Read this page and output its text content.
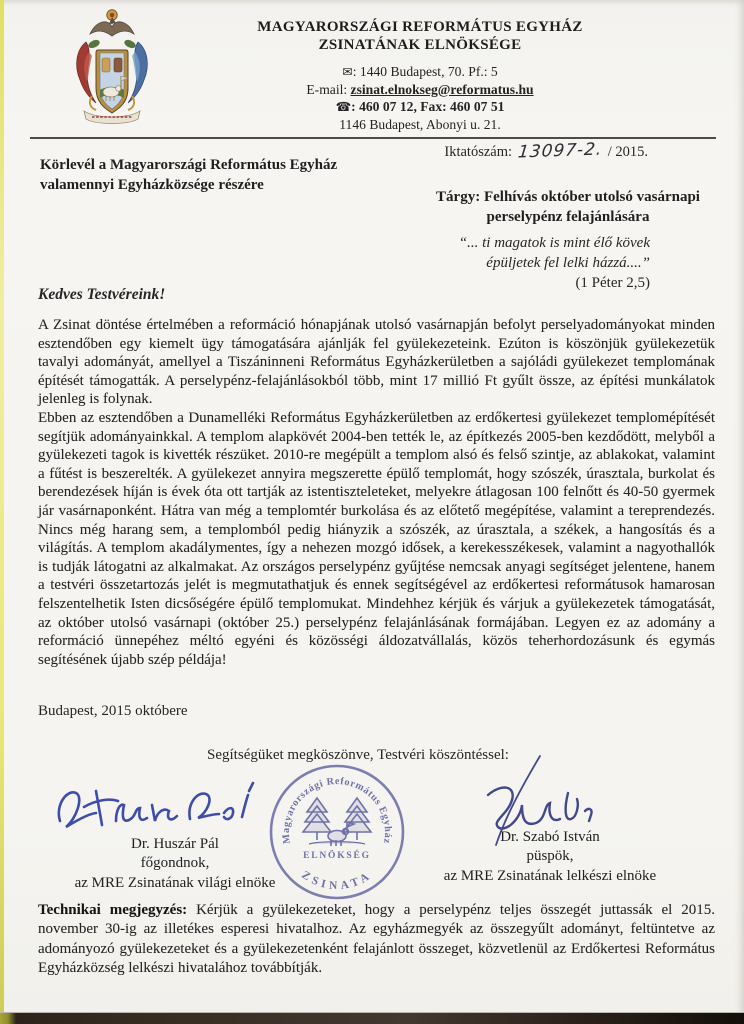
MAGYARORSZÁGI REFORMÁTUS EGYHÁZ
ZSINATÁNAK ELNÖKSÉGE
✉: 1440 Budapest, 70. Pf.: 5
E-mail: zsinat.elnokseg@reformatus.hu
☎: 460 07 12, Fax: 460 07 51
1146 Budapest, Abonyi u. 21.
Iktatószám: 13097-2. / 2015.
Körlevél a Magyarországi Református Egyház
valamennyi Egyházközsége részére
Tárgy: Felhívás október utolsó vasárnapi
perselypénz felajánlására
“... ti magatok is mint élő kövek
épüljetek fel lelki házzá....”
(1 Péter 2,5)
Kedves Testvéreink!

A Zsinat döntése értelmében a reformáció hónapjának utolsó vasárnapján befolyt perselyadományokat minden esztendőben egy kiemelt ügy támogatására ajánlják fel gyülekezeteink. Ezúton is köszönjük gyülekezetük tavalyi adományát, amellyel a Tiszáninneni Református Egyházkerületben a sajóládi gyülekezet templomának építését támogatták. A perselypénz-felajánlásokból több, mint 17 millió Ft gyűlt össze, az építési munkálatok jelenleg is folynak.

Ebben az esztendőben a Dunamelléki Református Egyházkerületben az erdőkertesi gyülekezet templomépítését segítjük adományainkkal. A templom alapkövét 2004-ben tették le, az építkezés 2005-ben kezdődött, melyből a gyülekezeti tagok is kivették részüket. 2010-re megépült a templom alsó és felső szintje, az ablakokat, valamint a fűtést is beszerelték. A gyülekezet annyira megszerette épülő templomát, hogy szószék, úrasztala, burkolat és berendezések híján is évek óta ott tartják az istentiszteleteket, melyekre átlagosan 100 felnőtt és 40-50 gyermek jár vasárnaponként. Hátra van még a templomtér burkolása és az előtető megépítése, valamint a tereprendezés. Nincs még harang sem, a templomból pedig hiányzik a szószék, az úrasztala, a székek, a hangosítás és a világítás. A templom akadálymentes, így a nehezen mozgó idősek, a kerekesszékesek, valamint a nagyothallók is tudják látogatni az alkalmakat. Az országos perselypénz gyűjtése nemcsak anyagi segítséget jelentene, hanem a testvéri összetartozás jelét is megmutathatjuk és ennek segítségével az erdőkertesi reformátusok hamarosan felszentelhetik Isten dicsőségére épülő templomukat. Mindehhez kérjük és várjuk a gyülekezetek támogatását, az október utolsó vasárnapi (október 25.) perselypénz felajánlásának formájában. Legyen ez az adomány a reformáció ünnepéhez méltó egyéni és közösségi áldozatvállalás, közös teherhordozásunk és egymás segítésének újabb szép példája!

Budapest, 2015 októbere
Segítségüket megköszönve, Testvéri köszöntéssel:
Magyarországi Református Egyház
ZSINATA
ELNÖKSÉG
Dr. Huszár Pál
főgondnok,
az MRE Zsinatának világi elnöke
Dr. Szabó István
püspök,
az MRE Zsinatának lelkészi elnöke
Technikai megjegyzés: Kérjük a gyülekezeteket, hogy a perselypénz teljes összegét juttassák el 2015. november 30-ig az illetékes esperesi hivatalhoz. Az egyházmegyék az összegyűlt adományt, feltüntetve az adományozó gyülekezeteket és a gyülekezetenként felajánlott összeget, közvetlenül az Erdőkertesi Református Egyházközség lelkészi hivatalához továbbítják.
